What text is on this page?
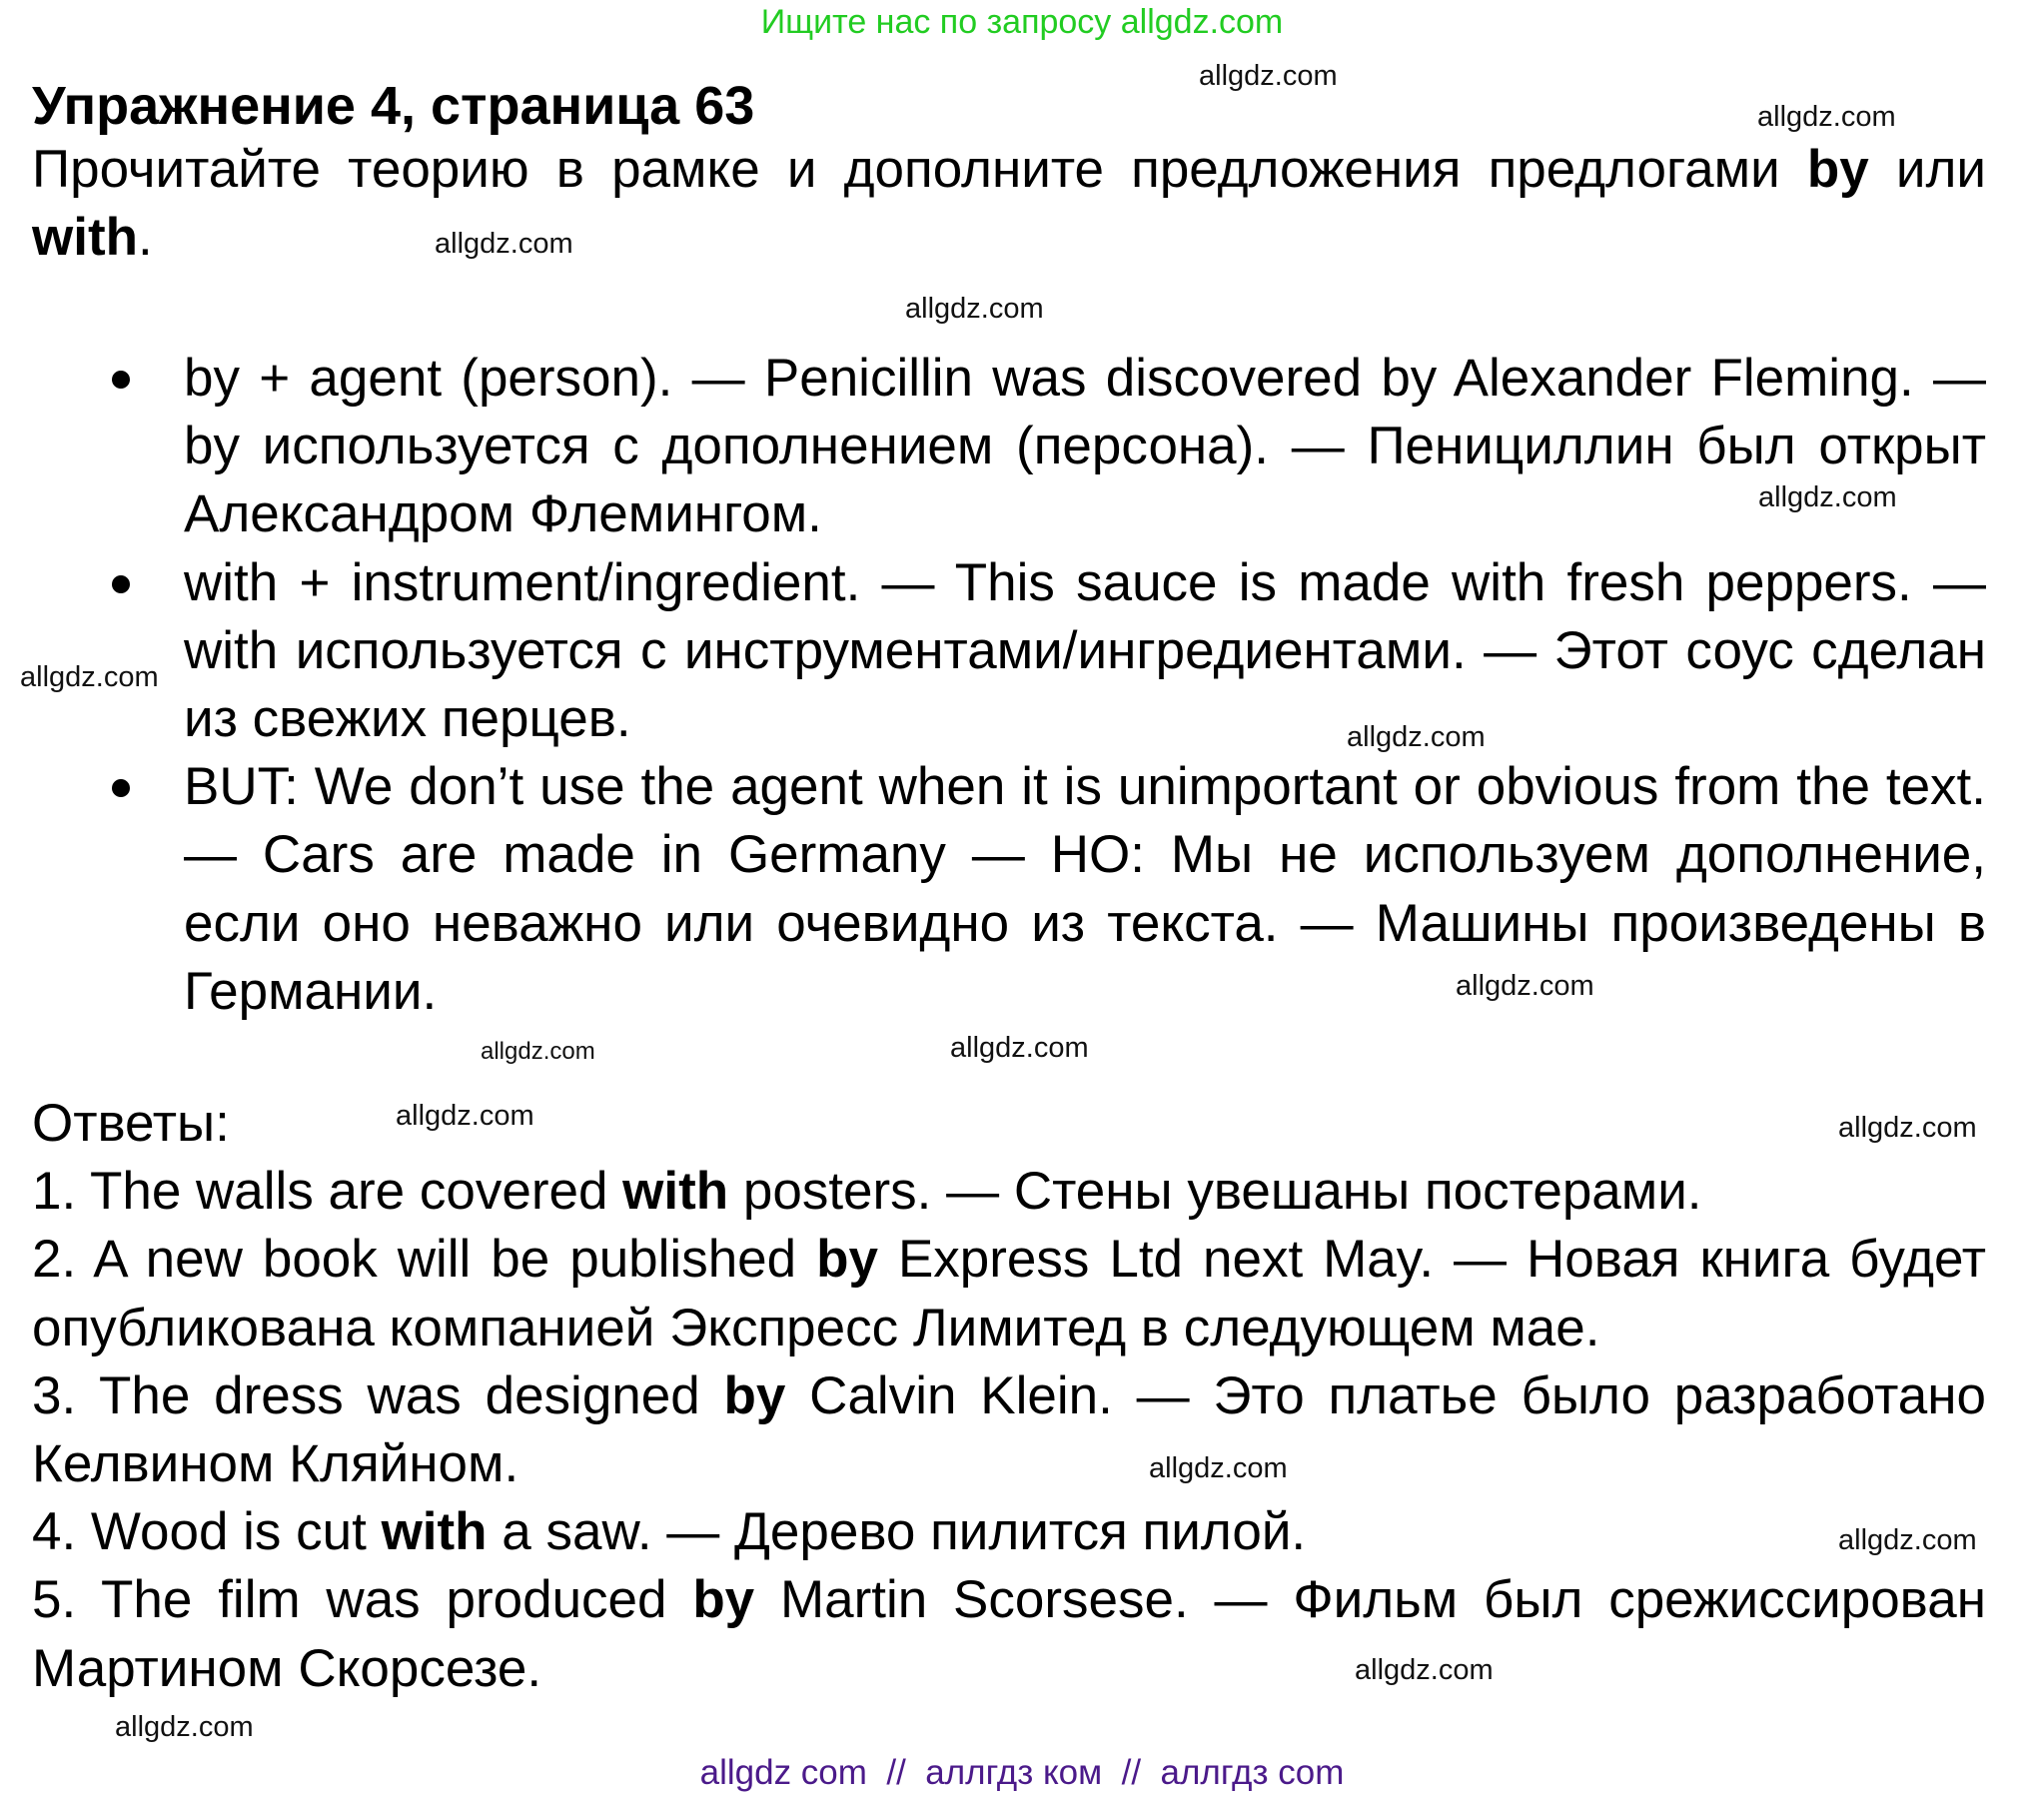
Ищите нас по запросу allgdz.com
Упражнение 4, страница 63
Прочитайте теорию в рамке и дополните предложения предлогами by или with.
by + agent (person). — Penicillin was discovered by Alexander Fleming. — by используется с дополнением (персона). — Пенициллин был открыт Александром Флемингом.
with + instrument/ingredient. — This sauce is made with fresh peppers. — with используется с инструментами/ингредиентами. — Этот соус сделан из свежих перцев.
BUT: We don’t use the agent when it is unimportant or obvious from the text. — Cars are made in Germany — НО: Мы не используем дополнение, если оно неважно или очевидно из текста. — Машины произведены в Германии.

Ответы:

1. The walls are covered with posters. — Стены увешаны постерами.

2. A new book will be published by Express Ltd next May. — Новая книга будет опубликована компанией Экспресс Лимитед в следующем мае.

3. The dress was designed by Calvin Klein. — Это платье было разработано Келвином Кляйном.

4. Wood is cut with a saw. — Дерево пилится пилой.

5. The film was produced by Martin Scorsese. — Фильм был срежиссирован Мартином Скорсезе.

allgdz.com
allgdz.com
allgdz.com
allgdz.com
allgdz.com
allgdz.com
allgdz.com
allgdz.com
allgdz.com
allgdz.com
allgdz.com	allgdz.com
allgdz.com
allgdz.com
allgdz.com
allgdz.com
allgdz com  //  аллгдз ком  //  аллгдз com
